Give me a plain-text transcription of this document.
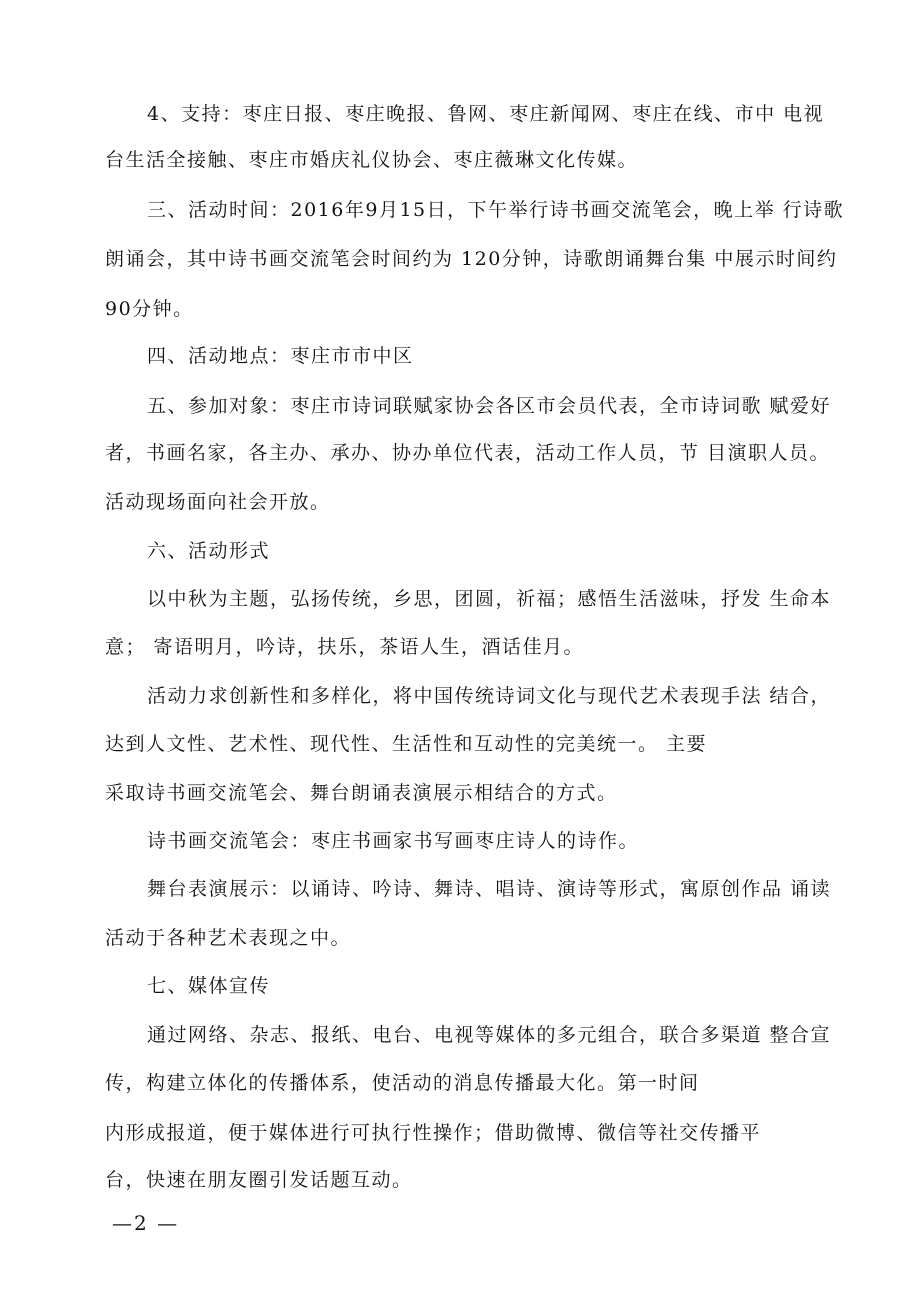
4、支持：枣庄日报、枣庄晚报、鲁网、枣庄新闻网、枣庄在线、市中 电视
台生活全接触、枣庄市婚庆礼仪协会、枣庄薇琳文化传媒。
三、活动时间：2016年9月15日，下午举行诗书画交流笔会，晚上举 行诗歌
朗诵会，其中诗书画交流笔会时间约为 120分钟，诗歌朗诵舞台集 中展示时间约
90分钟。
四、活动地点：枣庄市市中区
五、参加对象：枣庄市诗词联赋家协会各区市会员代表，全市诗词歌 赋爱好
者，书画名家，各主办、承办、协办单位代表，活动工作人员，节 目演职人员。
活动现场面向社会开放。
六、活动形式
以中秋为主题，弘扬传统，乡思，团圆，祈福；感悟生活滋味，抒发 生命本
意； 寄语明月，吟诗，扶乐，茶语人生，酒话佳月。
活动力求创新性和多样化，将中国传统诗词文化与现代艺术表现手法 结合，
达到人文性、艺术性、现代性、生活性和互动性的完美统一。 主要
采取诗书画交流笔会、舞台朗诵表演展示相结合的方式。
诗书画交流笔会：枣庄书画家书写画枣庄诗人的诗作。
舞台表演展示：以诵诗、吟诗、舞诗、唱诗、演诗等形式，寓原创作品 诵读
活动于各种艺术表现之中。
七、媒体宣传
通过网络、杂志、报纸、电台、电视等媒体的多元组合，联合多渠道 整合宣
传，构建立体化的传播体系，使活动的消息传播最大化。第一时间
内形成报道，便于媒体进行可执行性操作；借助微博、微信等社交传播平
台，快速在朋友圈引发话题互动。
—2 —
